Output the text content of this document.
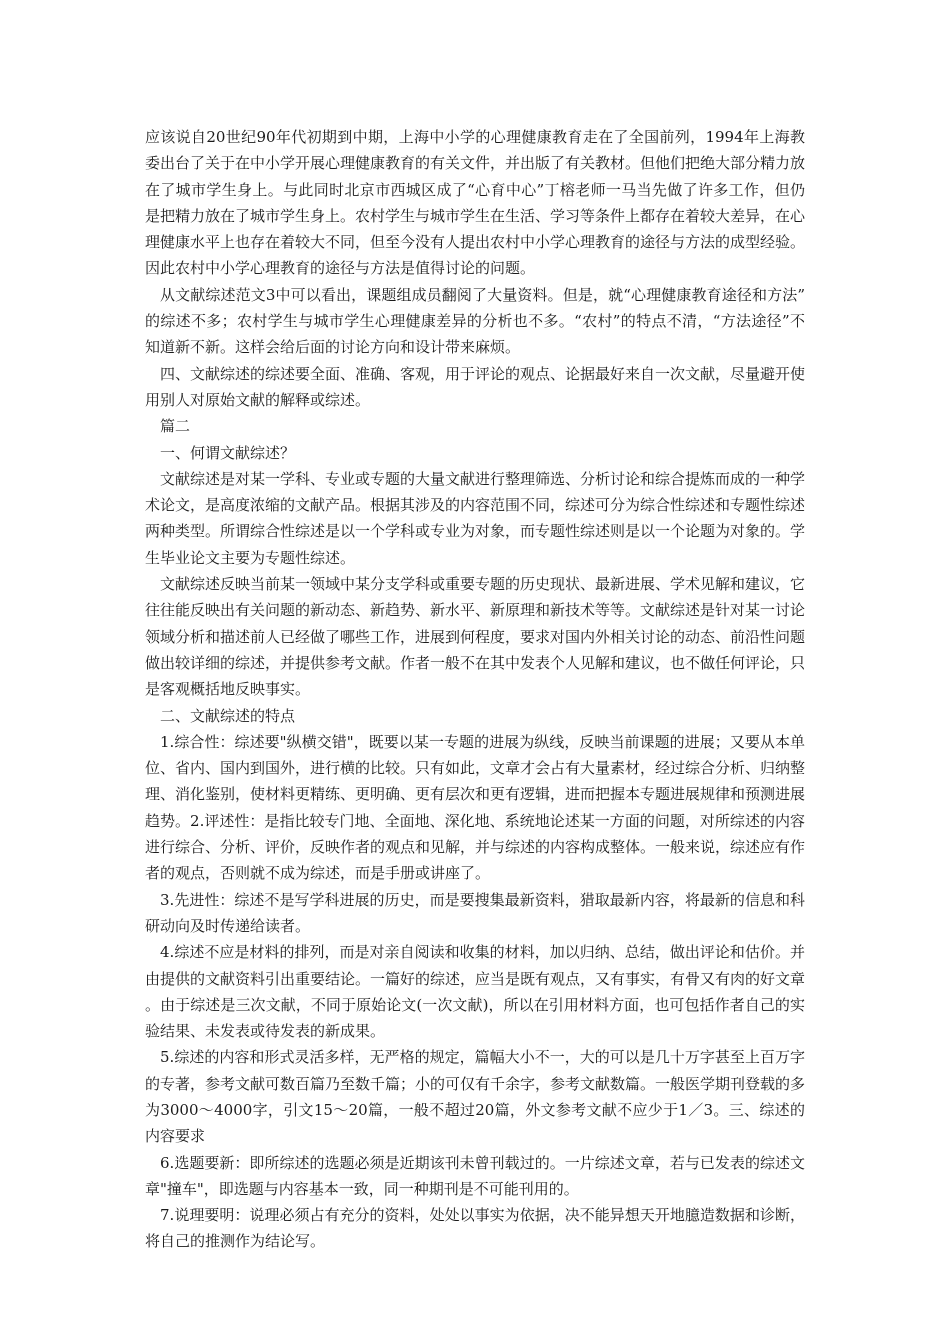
应该说自20世纪90年代初期到中期，上海中小学的心理健康教育走在了全国前列，1994年上海教委出台了关于在中小学开展心理健康教育的有关文件，并出版了有关教材。但他们把绝大部分精力放在了城市学生身上。与此同时北京市西城区成了“心育中心”丁榕老师一马当先做了许多工作，但仍是把精力放在了城市学生身上。农村学生与城市学生在生活、学习等条件上都存在着较大差异，在心理健康水平上也存在着较大不同，但至今没有人提出农村中小学心理教育的途径与方法的成型经验。因此农村中小学心理教育的途径与方法是值得讨论的问题。

从文献综述范文3中可以看出，课题组成员翻阅了大量资料。但是，就“心理健康教育途径和方法”的综述不多；农村学生与城市学生心理健康差异的分析也不多。“农村”的特点不清，“方法途径”不知道新不新。这样会给后面的讨论方向和设计带来麻烦。

四、文献综述的综述要全面、准确、客观，用于评论的观点、论据最好来自一次文献，尽量避开使用别人对原始文献的解释或综述。

篇二

一、何谓文献综述？

文献综述是对某一学科、专业或专题的大量文献进行整理筛选、分析讨论和综合提炼而成的一种学术论文，是高度浓缩的文献产品。根据其涉及的内容范围不同，综述可分为综合性综述和专题性综述两种类型。所谓综合性综述是以一个学科或专业为对象，而专题性综述则是以一个论题为对象的。学生毕业论文主要为专题性综述。

文献综述反映当前某一领域中某分支学科或重要专题的历史现状、最新进展、学术见解和建议，它往往能反映出有关问题的新动态、新趋势、新水平、新原理和新技术等等。文献综述是针对某一讨论领域分析和描述前人已经做了哪些工作，进展到何程度，要求对国内外相关讨论的动态、前沿性问题做出较详细的综述，并提供参考文献。作者一般不在其中发表个人见解和建议，也不做任何评论，只是客观概括地反映事实。

二、文献综述的特点

1.综合性：综述要"纵横交错"，既要以某一专题的进展为纵线，反映当前课题的进展；又要从本单位、省内、国内到国外，进行横的比较。只有如此，文章才会占有大量素材，经过综合分析、归纳整理、消化鉴别，使材料更精练、更明确、更有层次和更有逻辑，进而把握本专题进展规律和预测进展趋势。2.评述性：是指比较专门地、全面地、深化地、系统地论述某一方面的问题，对所综述的内容进行综合、分析、评价，反映作者的观点和见解，并与综述的内容构成整体。一般来说，综述应有作者的观点，否则就不成为综述，而是手册或讲座了。

3.先进性：综述不是写学科进展的历史，而是要搜集最新资料，猎取最新内容，将最新的信息和科研动向及时传递给读者。

4.综述不应是材料的排列，而是对亲自阅读和收集的材料，加以归纳、总结，做出评论和估价。并由提供的文献资料引出重要结论。一篇好的综述，应当是既有观点，又有事实，有骨又有肉的好文章。由于综述是三次文献，不同于原始论文(一次文献)，所以在引用材料方面，也可包括作者自己的实验结果、未发表或待发表的新成果。

5.综述的内容和形式灵活多样，无严格的规定，篇幅大小不一，大的可以是几十万字甚至上百万字的专著，参考文献可数百篇乃至数千篇；小的可仅有千余字，参考文献数篇。一般医学期刊登载的多为3000～4000字，引文15～20篇，一般不超过20篇，外文参考文献不应少于1／3。三、综述的内容要求

6.选题要新：即所综述的选题必须是近期该刊未曾刊载过的。一片综述文章，若与已发表的综述文章"撞车"，即选题与内容基本一致，同一种期刊是不可能刊用的。

7.说理要明：说理必须占有充分的资料，处处以事实为依据，决不能异想天开地臆造数据和诊断，将自己的推测作为结论写。
